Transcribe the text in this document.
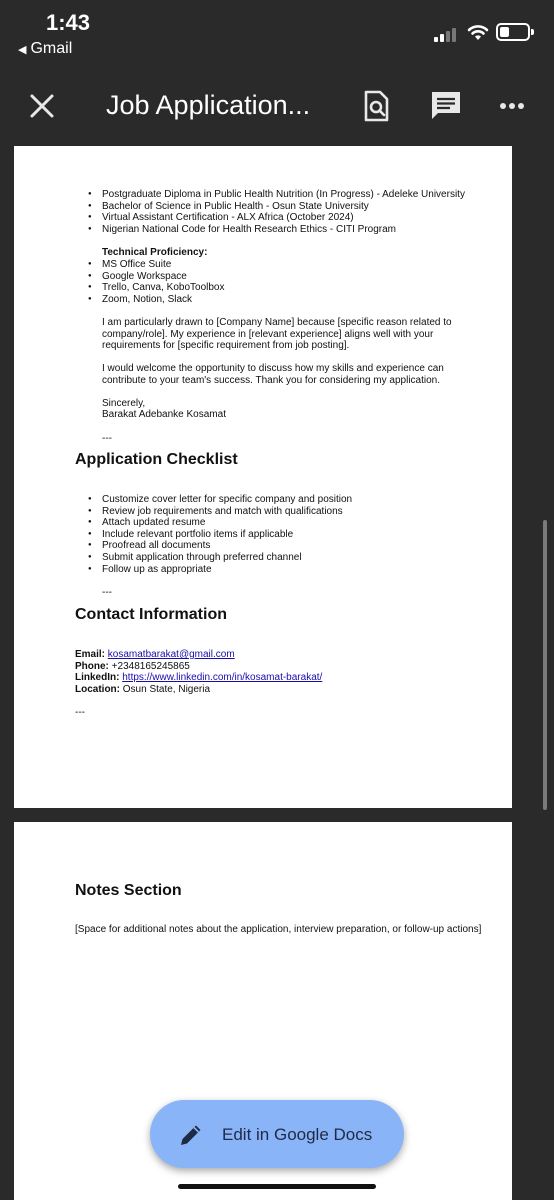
1:43
◀ Gmail
Job Application...
● Postgraduate Diploma in Public Health Nutrition (In Progress) - Adeleke University
● Bachelor of Science in Public Health - Osun State University
● Virtual Assistant Certification - ALX Africa (October 2024)
● Nigerian National Code for Health Research Ethics - CITI Program
Technical Proficiency:
● MS Office Suite
● Google Workspace
● Trello, Canva, KoboToolbox
● Zoom, Notion, Slack

I am particularly drawn to [Company Name] because [specific reason related to company/role]. My experience in [relevant experience] aligns well with your requirements for [specific requirement from job posting].

I would welcome the opportunity to discuss how my skills and experience can contribute to your team's success. Thank you for considering my application.

Sincerely,

Barakat Adebanke Kosamat

---

Application Checklist
● Customize cover letter for specific company and position
● Review job requirements and match with qualifications
● Attach updated resume
● Include relevant portfolio items if applicable
● Proofread all documents
● Submit application through preferred channel
● Follow up as appropriate

---

Contact Information
Email: kosamatbarakat@gmail.com
Phone: +2348165245865
LinkedIn: https://www.linkedin.com/in/kosamat-barakat/
Location: Osun State, Nigeria

---

Notes Section

[Space for additional notes about the application, interview preparation, or follow-up actions]

Edit in Google Docs
